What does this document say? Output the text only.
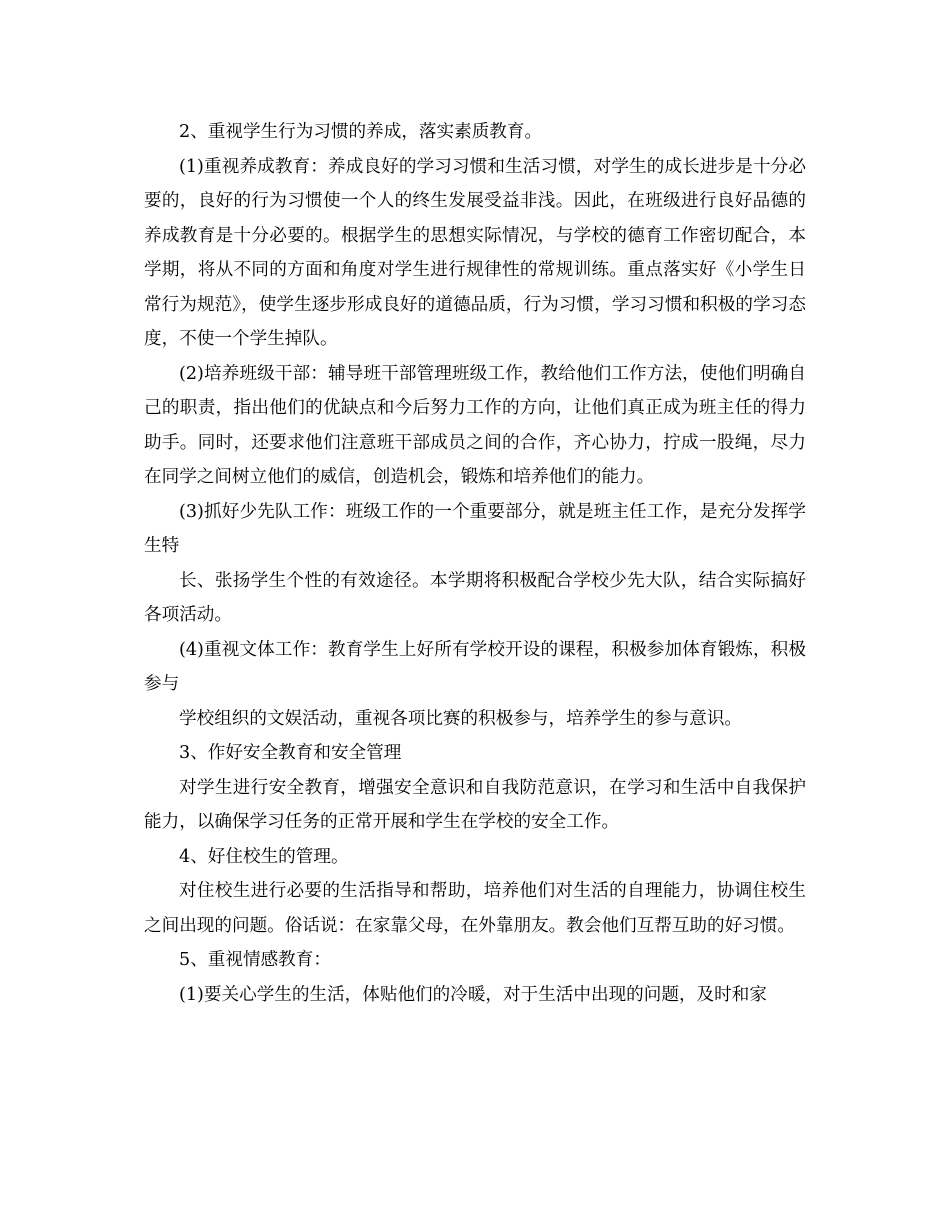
2、重视学生行为习惯的养成，落实素质教育。

(1)重视养成教育：养成良好的学习习惯和生活习惯，对学生的成长进步是十分必要的，良好的行为习惯使一个人的终生发展受益非浅。因此，在班级进行良好品德的养成教育是十分必要的。根据学生的思想实际情况，与学校的德育工作密切配合，本学期，将从不同的方面和角度对学生进行规律性的常规训练。重点落实好《小学生日常行为规范》，使学生逐步形成良好的道德品质，行为习惯，学习习惯和积极的学习态度，不使一个学生掉队。

(2)培养班级干部：辅导班干部管理班级工作，教给他们工作方法，使他们明确自己的职责，指出他们的优缺点和今后努力工作的方向，让他们真正成为班主任的得力助手。同时，还要求他们注意班干部成员之间的合作，齐心协力，拧成一股绳，尽力在同学之间树立他们的威信，创造机会，锻炼和培养他们的能力。

(3)抓好少先队工作：班级工作的一个重要部分，就是班主任工作，是充分发挥学生特

长、张扬学生个性的有效途径。本学期将积极配合学校少先大队，结合实际搞好各项活动。

(4)重视文体工作：教育学生上好所有学校开设的课程，积极参加体育锻炼，积极参与

学校组织的文娱活动，重视各项比赛的积极参与，培养学生的参与意识。

3、作好安全教育和安全管理

对学生进行安全教育，增强安全意识和自我防范意识，在学习和生活中自我保护能力，以确保学习任务的正常开展和学生在学校的安全工作。

4、好住校生的管理。

对住校生进行必要的生活指导和帮助，培养他们对生活的自理能力，协调住校生之间出现的问题。俗话说：在家靠父母，在外靠朋友。教会他们互帮互助的好习惯。

5、重视情感教育：

(1)要关心学生的生活，体贴他们的冷暖，对于生活中出现的问题，及时和家
